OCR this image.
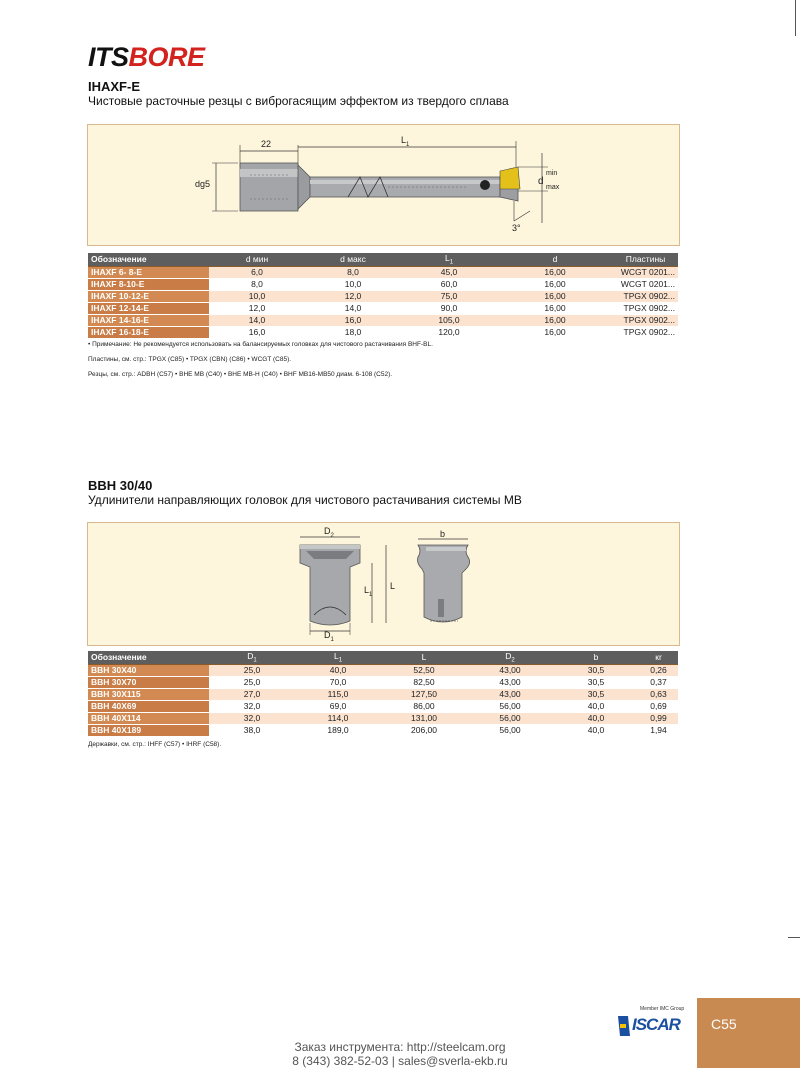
ITSBORE
IHAXF-E
Чистовые расточные резцы с виброгасящим эффектом из твердого сплава
22	$L_1$
dg5	d
min
max
3°
Обозначение	d мин	d макс	$L_1$	d	Пластины
IHAXF 6- 8-E	6,0	8,0	45,0	16,00	WCGT 0201...
IHAXF 8-10-E	8,0	10,0	60,0	16,00	WCGT 0201...
IHAXF 10-12-E	10,0	12,0	75,0	16,00	TPGX 0902...
IHAXF 12-14-E	12,0	14,0	90,0	16,00	TPGX 0902...
IHAXF 14-16-E	14,0	16,0	105,0	16,00	TPGX 0902...
IHAXF 16-18-E	16,0	18,0	120,0	16,00	TPGX 0902...
• Примечание: Не рекомендуется использовать на балансируемых головках для чистового растачивания BHF-BL.
Пластины, см. стр.: TPGX (C85) • TPGX (CBN) (C86) • WCGT (C85).
Резцы, см. стр.: ADBH (C57) • BHE MB (C40) • BHE MB-H (C40) • BHF MB16-MB50 диам. 6-108 (C52).
BBH 30/40
Удлинители направляющих головок для чистового растачивания системы MB
$D_2$
$D_1$
$L_1$
L
b
Обозначение	$D_1$	$L_1$	L	$D_2$	b	кr
BBH 30X40	25,0	40,0	52,50	43,00	30,5	0,26
BBH 30X70	25,0	70,0	82,50	43,00	30,5	0,37
BBH 30X115	27,0	115,0	127,50	43,00	30,5	0,63
BBH 40X69	32,0	69,0	86,00	56,00	40,0	0,69
BBH 40X114	32,0	114,0	131,00	56,00	40,0	0,99
BBH 40X189	38,0	189,0	206,00	56,00	40,0	1,94
Державки, см. стр.: IHFF (C57) • IHRF (C58).
Member IMC Group
ISCAR C55
Заказ инструмента: http://steelcam.org
8 (343) 382-52-03 | sales@sverla-ekb.ru
